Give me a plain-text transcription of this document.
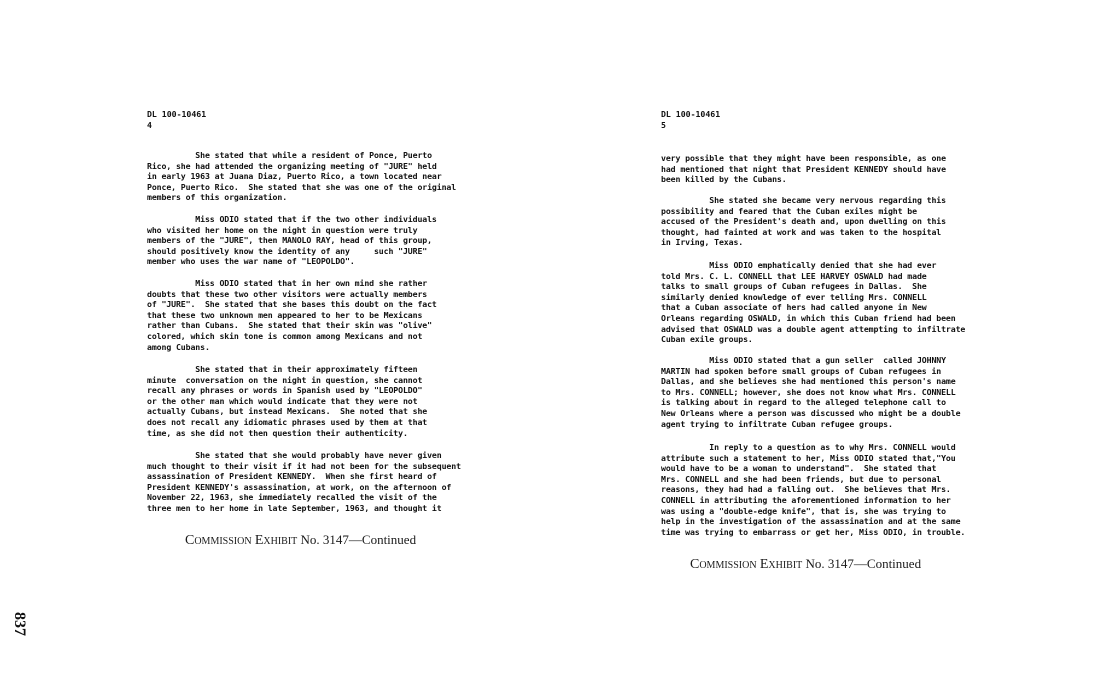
DL 100-10461
4
She stated that while a resident of Ponce, Puerto
Rico, she had attended the organizing meeting of "JURE" held
in early 1963 at Juana Diaz, Puerto Rico, a town located near
Ponce, Puerto Rico.  She stated that she was one of the original
members of this organization.
Miss ODIO stated that if the two other individuals
who visited her home on the night in question were truly
members of the "JURE", then MANOLO RAY, head of this group,
should positively know the identity of any     such "JURE"
member who uses the war name of "LEOPOLDO".
Miss ODIO stated that in her own mind she rather
doubts that these two other visitors were actually members
of "JURE".  She stated that she bases this doubt on the fact
that these two unknown men appeared to her to be Mexicans
rather than Cubans.  She stated that their skin was "olive"
colored, which skin tone is common among Mexicans and not
among Cubans.
She stated that in their approximately fifteen
minute  conversation on the night in question, she cannot
recall any phrases or words in Spanish used by "LEOPOLDO"
or the other man which would indicate that they were not
actually Cubans, but instead Mexicans.  She noted that she
does not recall any idiomatic phrases used by them at that
time, as she did not then question their authenticity.
She stated that she would probably have never given
much thought to their visit if it had not been for the subsequent
assassination of President KENNEDY.  When she first heard of
President KENNEDY's assassination, at work, on the afternoon of
November 22, 1963, she immediately recalled the visit of the
three men to her home in late September, 1963, and thought it
Commission Exhibit No. 3147—Continued
DL 100-10461
5
very possible that they might have been responsible, as one
had mentioned that night that President KENNEDY should have
been killed by the Cubans.
She stated she became very nervous regarding this
possibility and feared that the Cuban exiles might be
accused of the President's death and, upon dwelling on this
thought, had fainted at work and was taken to the hospital
in Irving, Texas.
Miss ODIO emphatically denied that she had ever
told Mrs. C. L. CONNELL that LEE HARVEY OSWALD had made
talks to small groups of Cuban refugees in Dallas.  She
similarly denied knowledge of ever telling Mrs. CONNELL
that a Cuban associate of hers had called anyone in New
Orleans regarding OSWALD, in which this Cuban friend had been
advised that OSWALD was a double agent attempting to infiltrate
Cuban exile groups.
Miss ODIO stated that a gun seller  called JOHNNY
MARTIN had spoken before small groups of Cuban refugees in
Dallas, and she believes she had mentioned this person's name
to Mrs. CONNELL; however, she does not know what Mrs. CONNELL
is talking about in regard to the alleged telephone call to
New Orleans where a person was discussed who might be a double
agent trying to infiltrate Cuban refugee groups.
In reply to a question as to why Mrs. CONNELL would
attribute such a statement to her, Miss ODIO stated that,"You
would have to be a woman to understand".  She stated that
Mrs. CONNELL and she had been friends, but due to personal
reasons, they had had a falling out.  She believes that Mrs.
CONNELL in attributing the aforementioned information to her
was using a "double-edge knife", that is, she was trying to
help in the investigation of the assassination and at the same
time was trying to embarrass or get her, Miss ODIO, in trouble.
Commission Exhibit No. 3147—Continued
837
